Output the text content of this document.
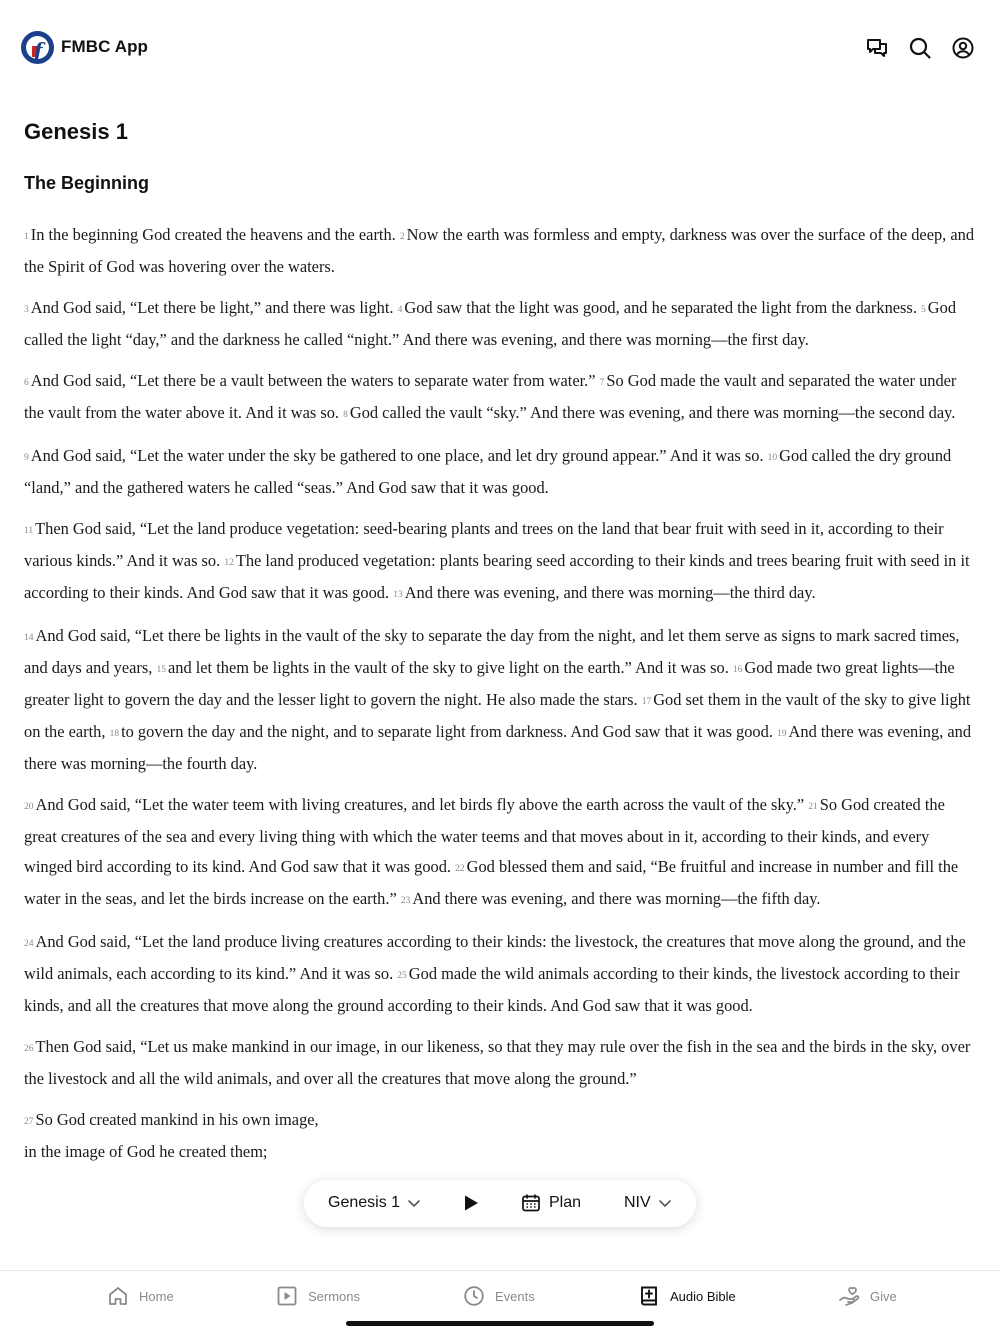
f FMBC App
Genesis 1
The Beginning

1 In the beginning God created the heavens and the earth. 2 Now the earth was formless and empty, darkness was over the surface of the deep, and the Spirit of God was hovering over the waters.

3 And God said, “Let there be light,” and there was light. 4 God saw that the light was good, and he separated the light from the darkness. 5 God called the light “day,” and the darkness he called “night.” And there was evening, and there was morning—the first day.

6 And God said, “Let there be a vault between the waters to separate water from water.” 7 So God made the vault and separated the water under the vault from the water above it. And it was so. 8 God called the vault “sky.” And there was evening, and there was morning—the second day.

9 And God said, “Let the water under the sky be gathered to one place, and let dry ground appear.” And it was so. 10 God called the dry ground “land,” and the gathered waters he called “seas.” And God saw that it was good.

11 Then God said, “Let the land produce vegetation: seed-bearing plants and trees on the land that bear fruit with seed in it, according to their various kinds.” And it was so. 12 The land produced vegetation: plants bearing seed according to their kinds and trees bearing fruit with seed in it according to their kinds. And God saw that it was good. 13 And there was evening, and there was morning—the third day.

14 And God said, “Let there be lights in the vault of the sky to separate the day from the night, and let them serve as signs to mark sacred times, and days and years, 15 and let them be lights in the vault of the sky to give light on the earth.” And it was so. 16 God made two great lights—the greater light to govern the day and the lesser light to govern the night. He also made the stars. 17 God set them in the vault of the sky to give light on the earth, 18 to govern the day and the night, and to separate light from darkness. And God saw that it was good. 19 And there was evening, and there was morning—the fourth day.

20 And God said, “Let the water teem with living creatures, and let birds fly above the earth across the vault of the sky.” 21 So God created the great creatures of the sea and every living thing with which the water teems and that moves about in it, according to their kinds, and every winged bird according to its kind. And God saw that it was good. 22 God blessed them and said, “Be fruitful and increase in number and fill the water in the seas, and let the birds increase on the earth.” 23 And there was evening, and there was morning—the fifth day.

24 And God said, “Let the land produce living creatures according to their kinds: the livestock, the creatures that move along the ground, and the wild animals, each according to its kind.” And it was so. 25 God made the wild animals according to their kinds, the livestock according to their kinds, and all the creatures that move along the ground according to their kinds. And God saw that it was good.

26 Then God said, “Let us make mankind in our image, in our likeness, so that they may rule over the fish in the sea and the birds in the sky, over the livestock and all the wild animals, and over all the creatures that move along the ground.”

27 So God created mankind in his own image,
in the image of God he created them;

Genesis 1	Plan	NIV
Home	Sermons	Events	Audio Bible	Give
